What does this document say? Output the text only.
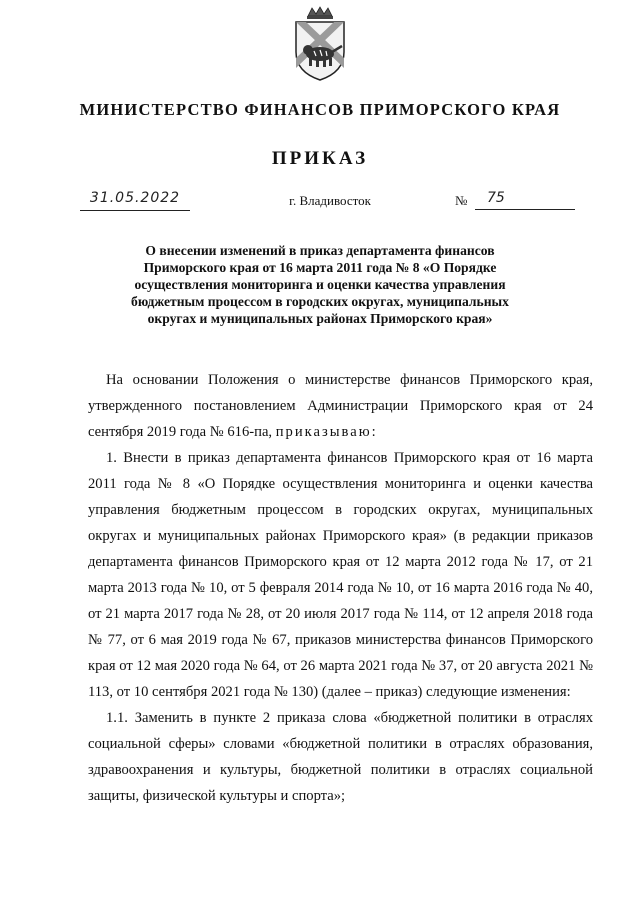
МИНИСТЕРСТВО ФИНАНСОВ ПРИМОРСКОГО КРАЯ
ПРИКАЗ
31.05.2022	г. Владивосток	№	75
О внесении изменений в приказ департамента финансов Приморского края от 16 марта 2011 года № 8 «О Порядке осуществления мониторинга и оценки качества управления бюджетным процессом в городских округах, муниципальных округах и муниципальных районах Приморского края»

На основании Положения о министерстве финансов Приморского края, утвержденного постановлением Администрации Приморского края от 24 сентября 2019 года № 616-па, приказываю:

1. Внести в приказ департамента финансов Приморского края от 16 марта 2011 года № 8 «О Порядке осуществления мониторинга и оценки качества управления бюджетным процессом в городских округах, муниципальных округах и муниципальных районах Приморского края» (в редакции приказов департамента финансов Приморского края от 12 марта 2012 года № 17, от 21 марта 2013 года № 10, от 5 февраля 2014 года № 10, от 16 марта 2016 года № 40, от 21 марта 2017 года № 28, от 20 июля 2017 года № 114, от 12 апреля 2018 года № 77, от 6 мая 2019 года № 67, приказов министерства финансов Приморского края от 12 мая 2020 года № 64, от 26 марта 2021 года № 37, от 20 августа 2021 № 113, от 10 сентября 2021 года № 130) (далее – приказ) следующие изменения:

1.1. Заменить в пункте 2 приказа слова «бюджетной политики в отраслях социальной сферы» словами «бюджетной политики в отраслях образования, здравоохранения и культуры, бюджетной политики в отраслях социальной защиты, физической культуры и спорта»;
